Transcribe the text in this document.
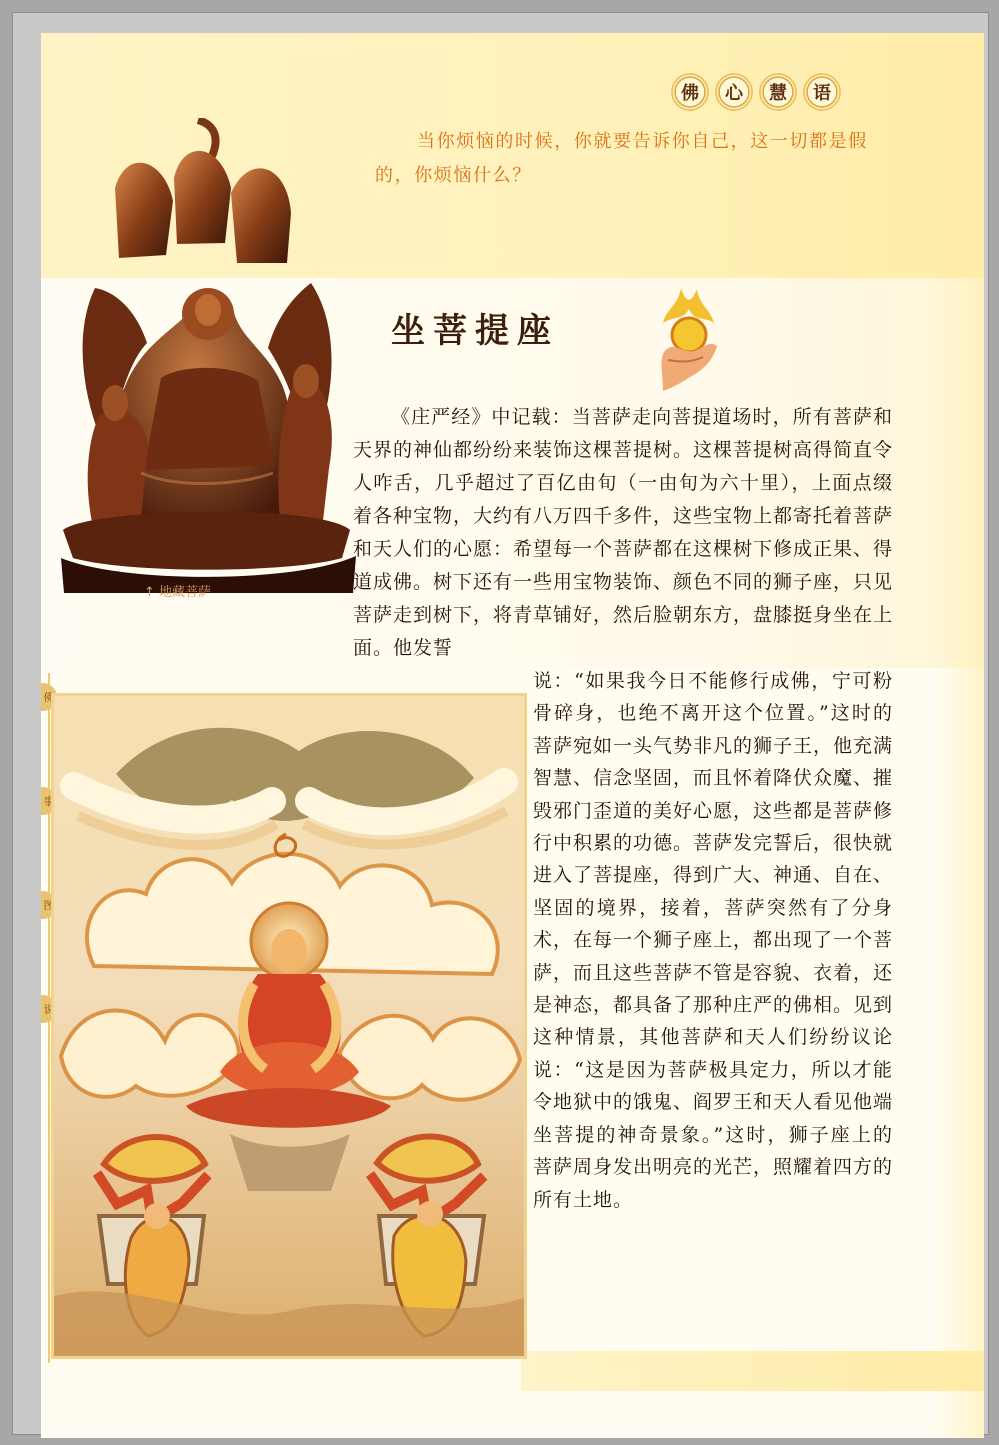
佛	心	慧	语
当你烦恼的时候，你就要告诉你自己，这一切都是假的，你烦恼什么？
↑ 地藏菩萨
坐菩提座

《庄严经》中记载：当菩萨走向菩提道场时，所有菩萨和天界的神仙都纷纷来装饰这棵菩提树。这棵菩提树高得简直令人咋舌，几乎超过了百亿由旬（一由旬为六十里），上面点缀着各种宝物，大约有八万四千多件，这些宝物上都寄托着菩萨和天人们的心愿：希望每一个菩萨都在这棵树下修成正果、得道成佛。树下还有一些用宝物装饰、颜色不同的狮子座，只见菩萨走到树下，将青草铺好，然后脸朝东方，盘膝挺身坐在上面。他发誓

佛
事
图
说

说：“如果我今日不能修行成佛，宁可粉骨碎身，也绝不离开这个位置。”这时的菩萨宛如一头气势非凡的狮子王，他充满智慧、信念坚固，而且怀着降伏众魔、摧毁邪门歪道的美好心愿，这些都是菩萨修行中积累的功德。菩萨发完誓后，很快就进入了菩提座，得到广大、神通、自在、坚固的境界，接着，菩萨突然有了分身术，在每一个狮子座上，都出现了一个菩萨，而且这些菩萨不管是容貌、衣着，还是神态，都具备了那种庄严的佛相。见到这种情景，其他菩萨和天人们纷纷议论说：“这是因为菩萨极具定力，所以才能令地狱中的饿鬼、阎罗王和天人看见他端坐菩提的神奇景象。”这时，狮子座上的菩萨周身发出明亮的光芒，照耀着四方的所有土地。
